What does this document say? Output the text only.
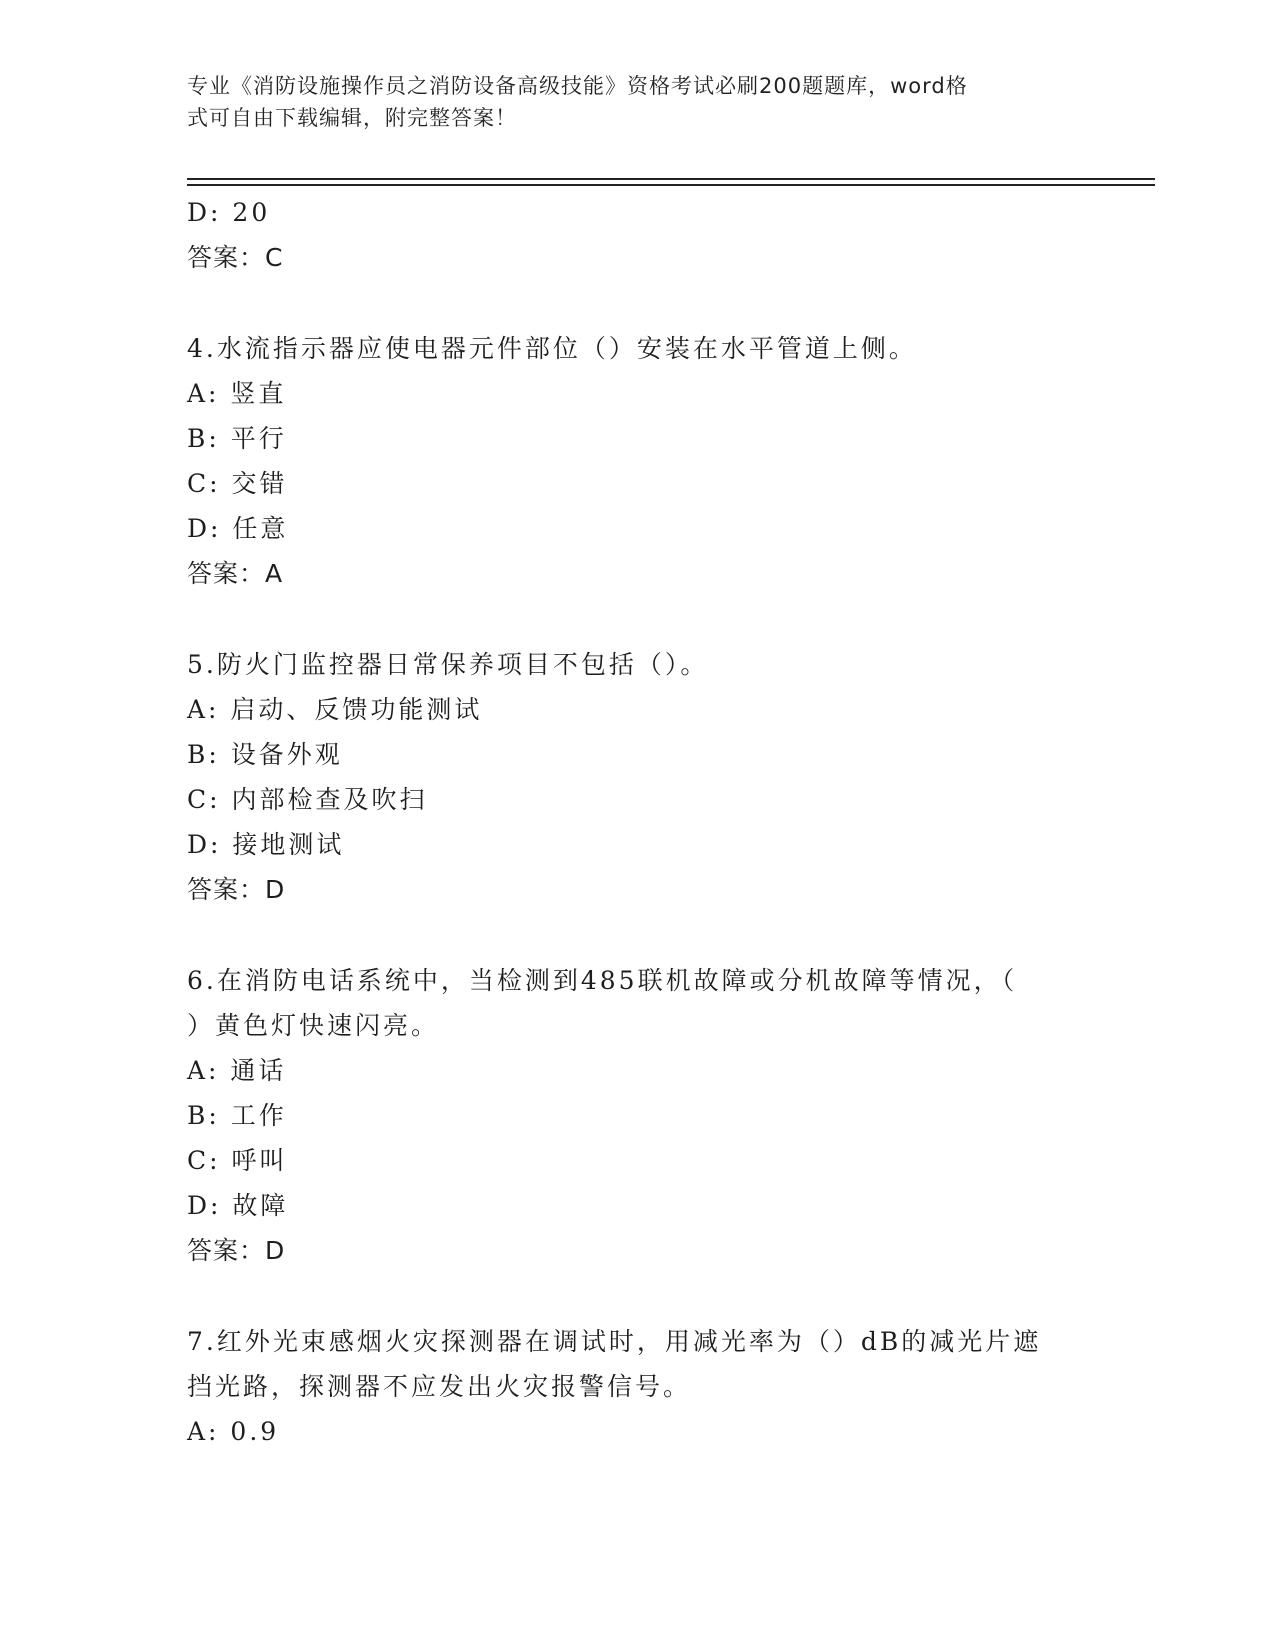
专业《消防设施操作员之消防设备高级技能》资格考试必刷200题题库，word格
式可自由下载编辑，附完整答案！
D: 20
答案：C
4.水流指示器应使电器元件部位（）安装在水平管道上侧。
A: 竖直
B: 平行
C: 交错
D: 任意
答案：A
5.防火门监控器日常保养项目不包括（）。
A: 启动、反馈功能测试
B: 设备外观
C: 内部检查及吹扫
D: 接地测试
答案：D
6.在消防电话系统中，当检测到485联机故障或分机故障等情况，（
）黄色灯快速闪亮。
A: 通话
B: 工作
C: 呼叫
D: 故障
答案：D
7.红外光束感烟火灾探测器在调试时，用减光率为（）dB的减光片遮
挡光路，探测器不应发出火灾报警信号。
A: 0.9
